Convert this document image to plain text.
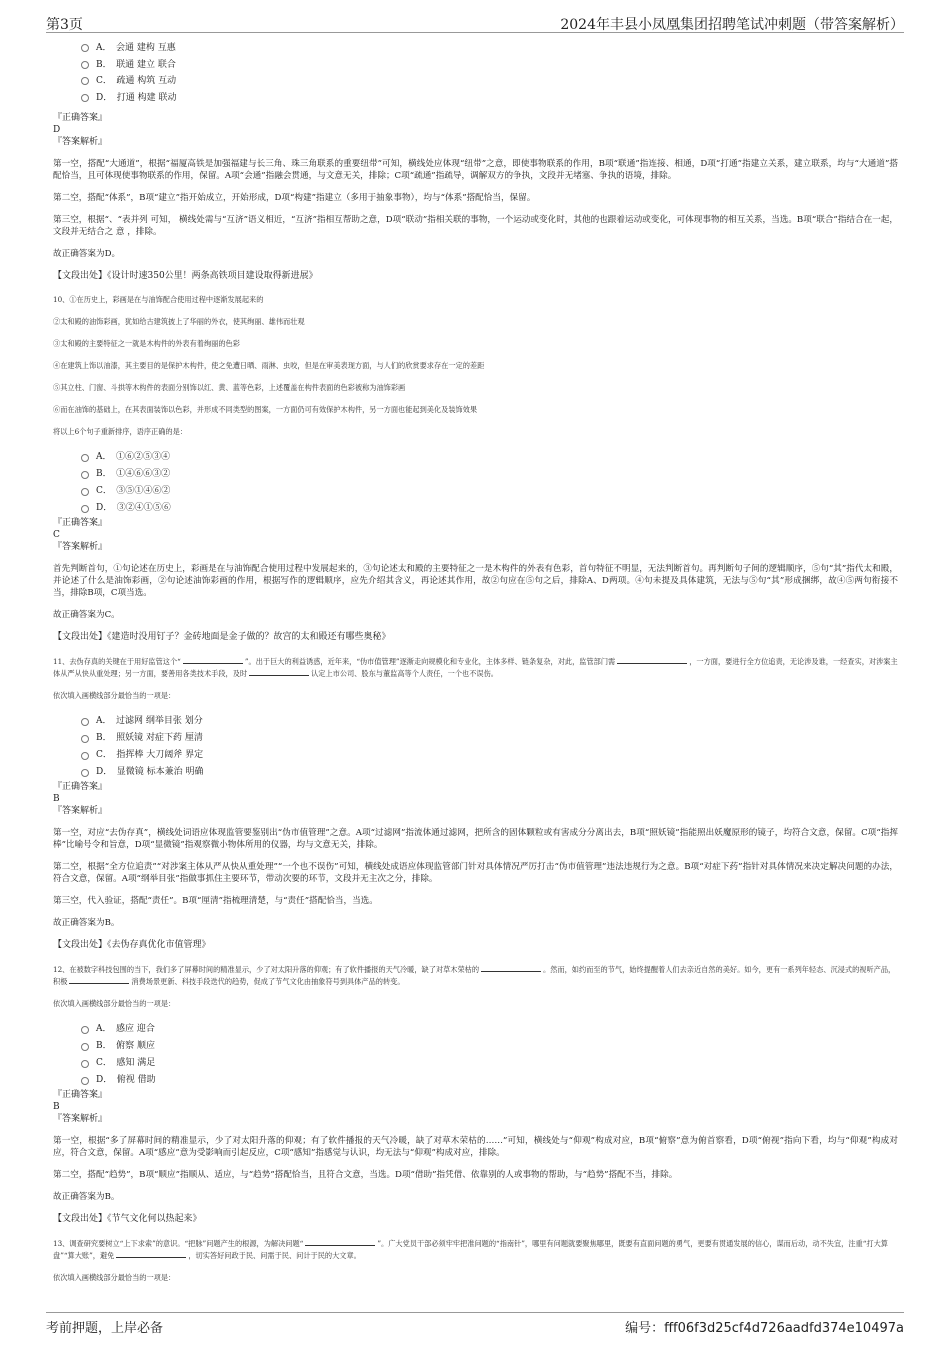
第3页	2024年丰县小凤凰集团招聘笔试冲刺题（带答案解析）
A．　会通 建构 互惠
B．　联通 建立 联合
C．　疏通 构筑 互动
D．　打通 构建 联动

『正确答案』

D

『答案解析』

第一空，搭配“大通道”，根据“福厦高铁是加强福建与长三角、珠三角联系的重要纽带”可知，横线处应体现“纽带”之意，即使事物联系的作用，B项“联通”指连接、相通，D项“打通”指建立关系，建立联系，均与“大通道”搭配恰当，且可体现使事物联系的作用，保留。A项“会通”指融会贯通，与文意无关，排除；C项“疏通”指疏导，调解双方的争执，文段并无堵塞、争执的语境，排除。

第二空，搭配“体系”，B项“建立”指开始成立，开始形成，D项“构建”指建立（多用于抽象事物），均与“体系”搭配恰当，保留。

第三空，根据“、“表并列 可知， 横线处需与“互济”语义相近，“互济”指相互帮助之意，D项“联动”指相关联的事物，一个运动或变化时，其他的也跟着运动或变化，可体现事物的相互关系，当选。B项“联合”指结合在一起，文段并无结合之 意 ，排除。

故正确答案为D。

【文段出处】《设计时速350公里！两条高铁项目建设取得新进展》

10、①在历史上，彩画是在与油饰配合使用过程中逐渐发展起来的

②太和殿的油饰彩画，犹如给古建筑披上了华丽的外衣，使其绚丽、雄伟而壮观

③太和殿的主要特征之一就是木构件的外表有着绚丽的色彩

④在建筑上饰以油漆，其主要目的是保护木构件，使之免遭日晒、雨淋、虫咬，但是在审美表现方面，与人们的欣赏要求存在一定的差距

⑤其立柱、门窗、斗拱等木构件的表面分别饰以红、黄、蓝等色彩，上述覆盖在构件表面的色彩被称为油饰彩画

⑥而在油饰的基础上，在其表面装饰以色彩，并形成不同类型的图案，一方面仍可有效保护木构件，另一方面也能起到美化及装饰效果

将以上6个句子重新排序，语序正确的是：

A．　①⑥②⑤③④
B．　①④⑥⑥③②
C．　③⑤①④⑥②
D．　③②④①⑤⑥

『正确答案』

C

『答案解析』

首先判断首句，①句论述在历史上，彩画是在与油饰配合使用过程中发展起来的，③句论述太和殿的主要特征之一是木构件的外表有色彩，首句特征不明显，无法判断首句。再判断句子间的逻辑顺序，⑤句“其”指代太和殿，并论述了什么是油饰彩画，②句论述油饰彩画的作用，根据写作的逻辑顺序，应先介绍其含义，再论述其作用，故②句应在⑤句之后，排除A、D两项。④句未提及具体建筑，无法与⑤句“其”形成捆绑，故④⑤两句衔接不当，排除B项，C项当选。

故正确答案为C。

【文段出处】《建造时没用钉子？金砖地面是金子做的？故宫的太和殿还有哪些奥秘》

11、去伪存真的关键在于用好监管这个“	”。出于巨大的利益诱惑，近年来，“伪市值管理”逐渐走向规模化和专业化，主体多样、链条复杂，对此，监管部门需	，一方面，要进行全方位追责，无论涉及谁，一经查实，对涉案主体从严从快从重处理；另一方面，要善用各类技术手段，及时	认定上市公司、股东与董监高等个人责任，一个也不误伤。

依次填入画横线部分最恰当的一项是：

A．　过滤网 纲举目张 划分
B．　照妖镜 对症下药 厘清
C．　指挥棒 大刀阔斧 界定
D．　显微镜 标本兼治 明确

『正确答案』

B

『答案解析』

第一空，对应“去伪存真”，横线处词语应体现监管要鉴别出“伪市值管理”之意。A项“过滤网”指流体通过滤网，把所含的固体颗粒或有害成分分离出去，B项“照妖镜”指能照出妖魔原形的镜子，均符合文意，保留。C项“指挥棒”比喻号令和旨意，D项“显微镜”指观察微小物体所用的仪器，均与文意无关，排除。

第二空，根据“全方位追责”“对涉案主体从严从快从重处理”“一个也不误伤”可知，横线处成语应体现监管部门针对具体情况严厉打击“伪市值管理”违法违规行为之意。B项“对症下药”指针对具体情况来决定解决问题的办法，符合文意，保留。A项“纲举目张”指做事抓住主要环节，带动次要的环节，文段并无主次之分，排除。

第三空，代入验证，搭配“责任”。B项“厘清”指梳理清楚，与“责任”搭配恰当，当选。

故正确答案为B。

【文段出处】《去伪存真优化市值管理》

12、在被数字科技包围的当下，我们多了屏幕时间的精准显示，少了对太阳升落的仰观；有了软件播报的天气冷暖，缺了对草木荣枯的	。然而，如约而至的节气，始终提醒着人们去亲近自然的美好。如今，更有一系列年轻态、沉浸式的视听产品，积极	消费场景更新、科技手段迭代的趋势，促成了节气文化由抽象符号到具体产品的转变。

依次填入画横线部分最恰当的一项是：

A．　感应 迎合
B．　俯察 顺应
C．　感知 满足
D．　俯视 借助

『正确答案』

B

『答案解析』

第一空，根据“多了屏幕时间的精准显示，少了对太阳升落的仰观；有了软件播报的天气冷暖，缺了对草木荣枯的……”可知，横线处与“仰观”构成对应，B项“俯察”意为俯首察看，D项“俯视”指向下看，均与“仰观”构成对应，符合文意，保留。A项“感应”意为受影响而引起反应，C项“感知”指感觉与认识，均无法与“仰观”构成对应，排除。

第二空，搭配“趋势”，B项“顺应”指顺从、适应，与“趋势”搭配恰当，且符合文意，当选。D项“借助”指凭借、依靠别的人或事物的帮助，与“趋势”搭配不当，排除。

故正确答案为B。

【文段出处】《节气文化何以热起来》

13、调查研究要树立“上下求索”的意识。“把脉”问题产生的根源，为解决问题“	”。广大党员干部必须牢牢把准问题的“指南针”，哪里有问题就要聚焦哪里，既要有直面问题的勇气，更要有贯通发展的信心，谋而后动，动不失宜，注重“打大算盘”“算大账”，避免	，切实答好问政于民、问需于民、问计于民的大文章。

依次填入画横线部分最恰当的一项是：

考前押题，上岸必备	编号：fff06f3d25cf4d726aadfd374e10497a
